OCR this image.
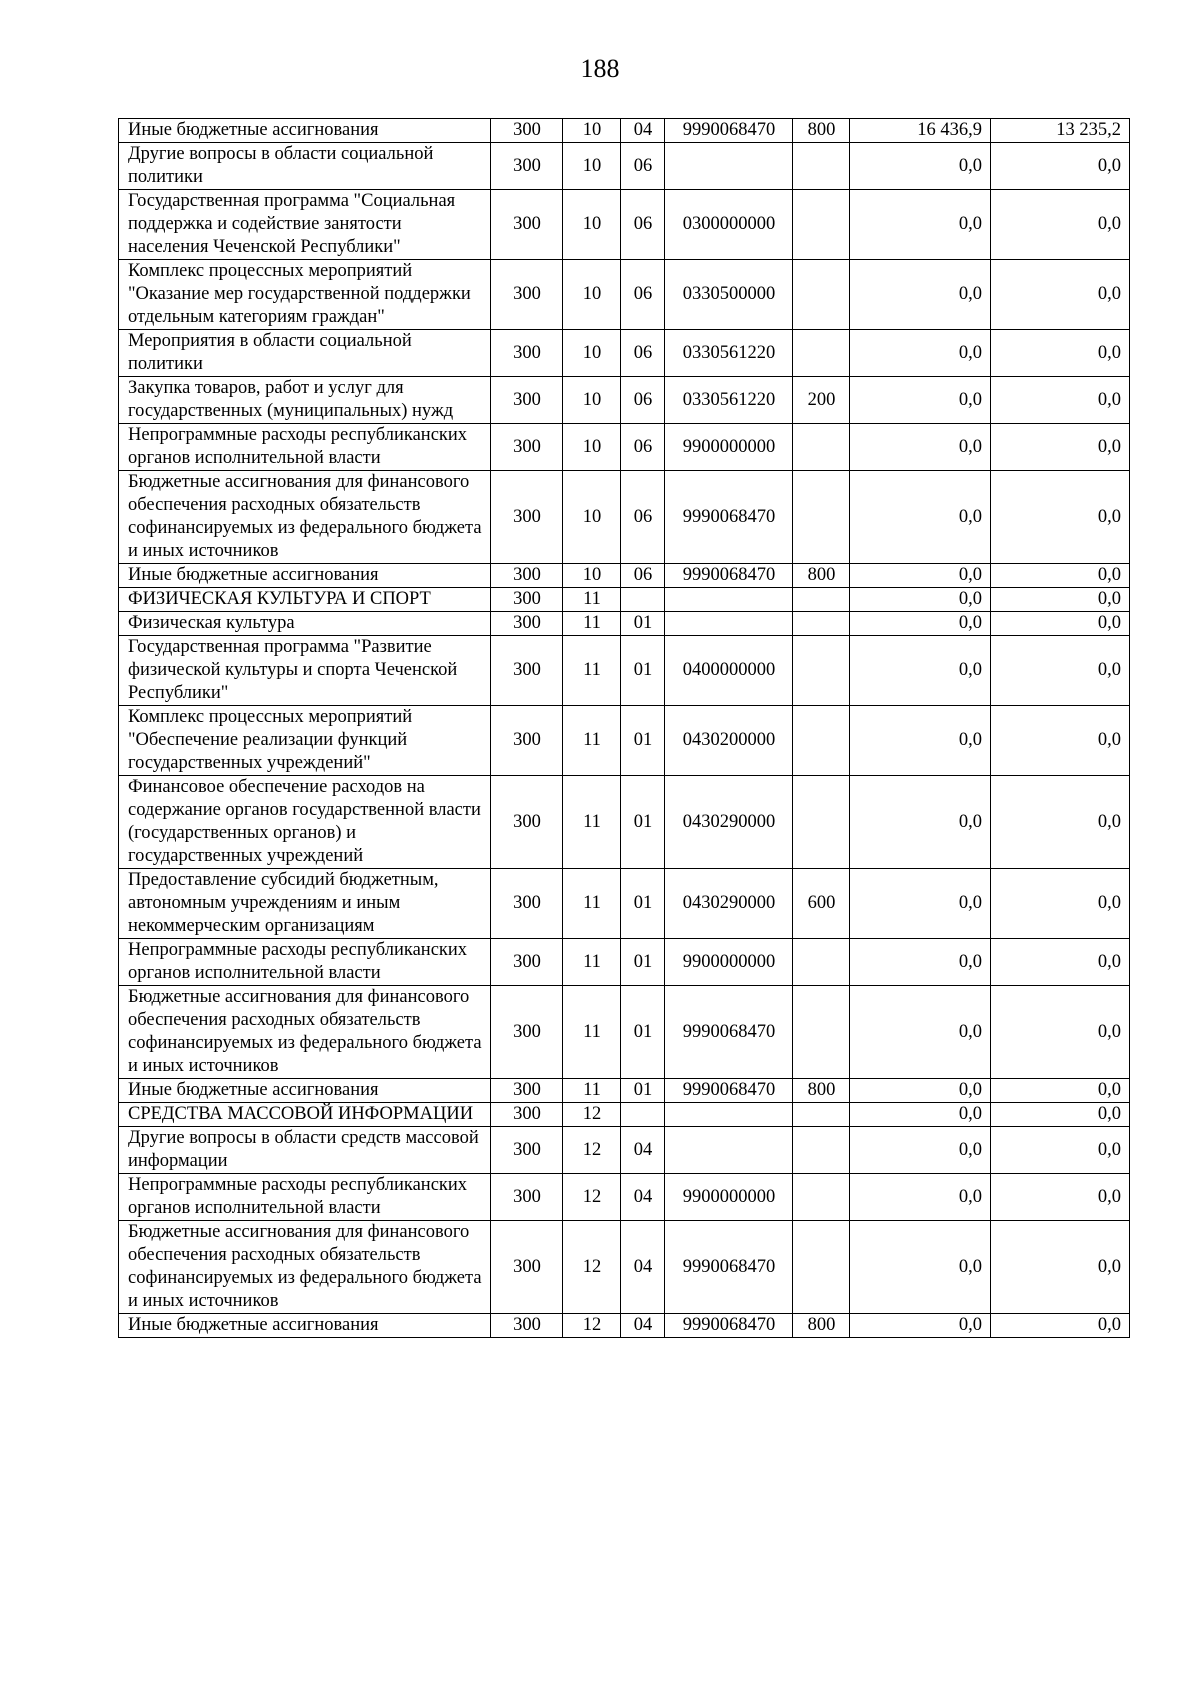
188
Иные бюджетные ассигнования	300	10	04	9990068470	800	16 436,9	13 235,2
Другие вопросы в области социальной политики	300	10	06			0,0	0,0
Государственная программа "Социальная поддержка и содействие занятости населения Чеченской Республики"	300	10	06	0300000000		0,0	0,0
Комплекс процессных мероприятий "Оказание мер государственной поддержки отдельным категориям граждан"	300	10	06	0330500000		0,0	0,0
Мероприятия в области социальной политики	300	10	06	0330561220		0,0	0,0
Закупка товаров, работ и услуг для государственных (муниципальных) нужд	300	10	06	0330561220	200	0,0	0,0
Непрограммные расходы республиканских органов исполнительной власти	300	10	06	9900000000		0,0	0,0
Бюджетные ассигнования для финансового обеспечения расходных обязательств софинансируемых из федерального бюджета и иных источников	300	10	06	9990068470		0,0	0,0
Иные бюджетные ассигнования	300	10	06	9990068470	800	0,0	0,0
ФИЗИЧЕСКАЯ КУЛЬТУРА И СПОРТ	300	11				0,0	0,0
Физическая культура	300	11	01			0,0	0,0
Государственная программа "Развитие физической культуры и спорта Чеченской Республики"	300	11	01	0400000000		0,0	0,0
Комплекс процессных мероприятий "Обеспечение реализации функций государственных учреждений"	300	11	01	0430200000		0,0	0,0
Финансовое обеспечение расходов на содержание органов государственной власти (государственных органов) и государственных учреждений	300	11	01	0430290000		0,0	0,0
Предоставление субсидий бюджетным, автономным учреждениям и иным некоммерческим организациям	300	11	01	0430290000	600	0,0	0,0
Непрограммные расходы республиканских органов исполнительной власти	300	11	01	9900000000		0,0	0,0
Бюджетные ассигнования для финансового обеспечения расходных обязательств софинансируемых из федерального бюджета и иных источников	300	11	01	9990068470		0,0	0,0
Иные бюджетные ассигнования	300	11	01	9990068470	800	0,0	0,0
СРЕДСТВА МАССОВОЙ ИНФОРМАЦИИ	300	12				0,0	0,0
Другие вопросы в области средств массовой информации	300	12	04			0,0	0,0
Непрограммные расходы республиканских органов исполнительной власти	300	12	04	9900000000		0,0	0,0
Бюджетные ассигнования для финансового обеспечения расходных обязательств софинансируемых из федерального бюджета и иных источников	300	12	04	9990068470		0,0	0,0
Иные бюджетные ассигнования	300	12	04	9990068470	800	0,0	0,0
